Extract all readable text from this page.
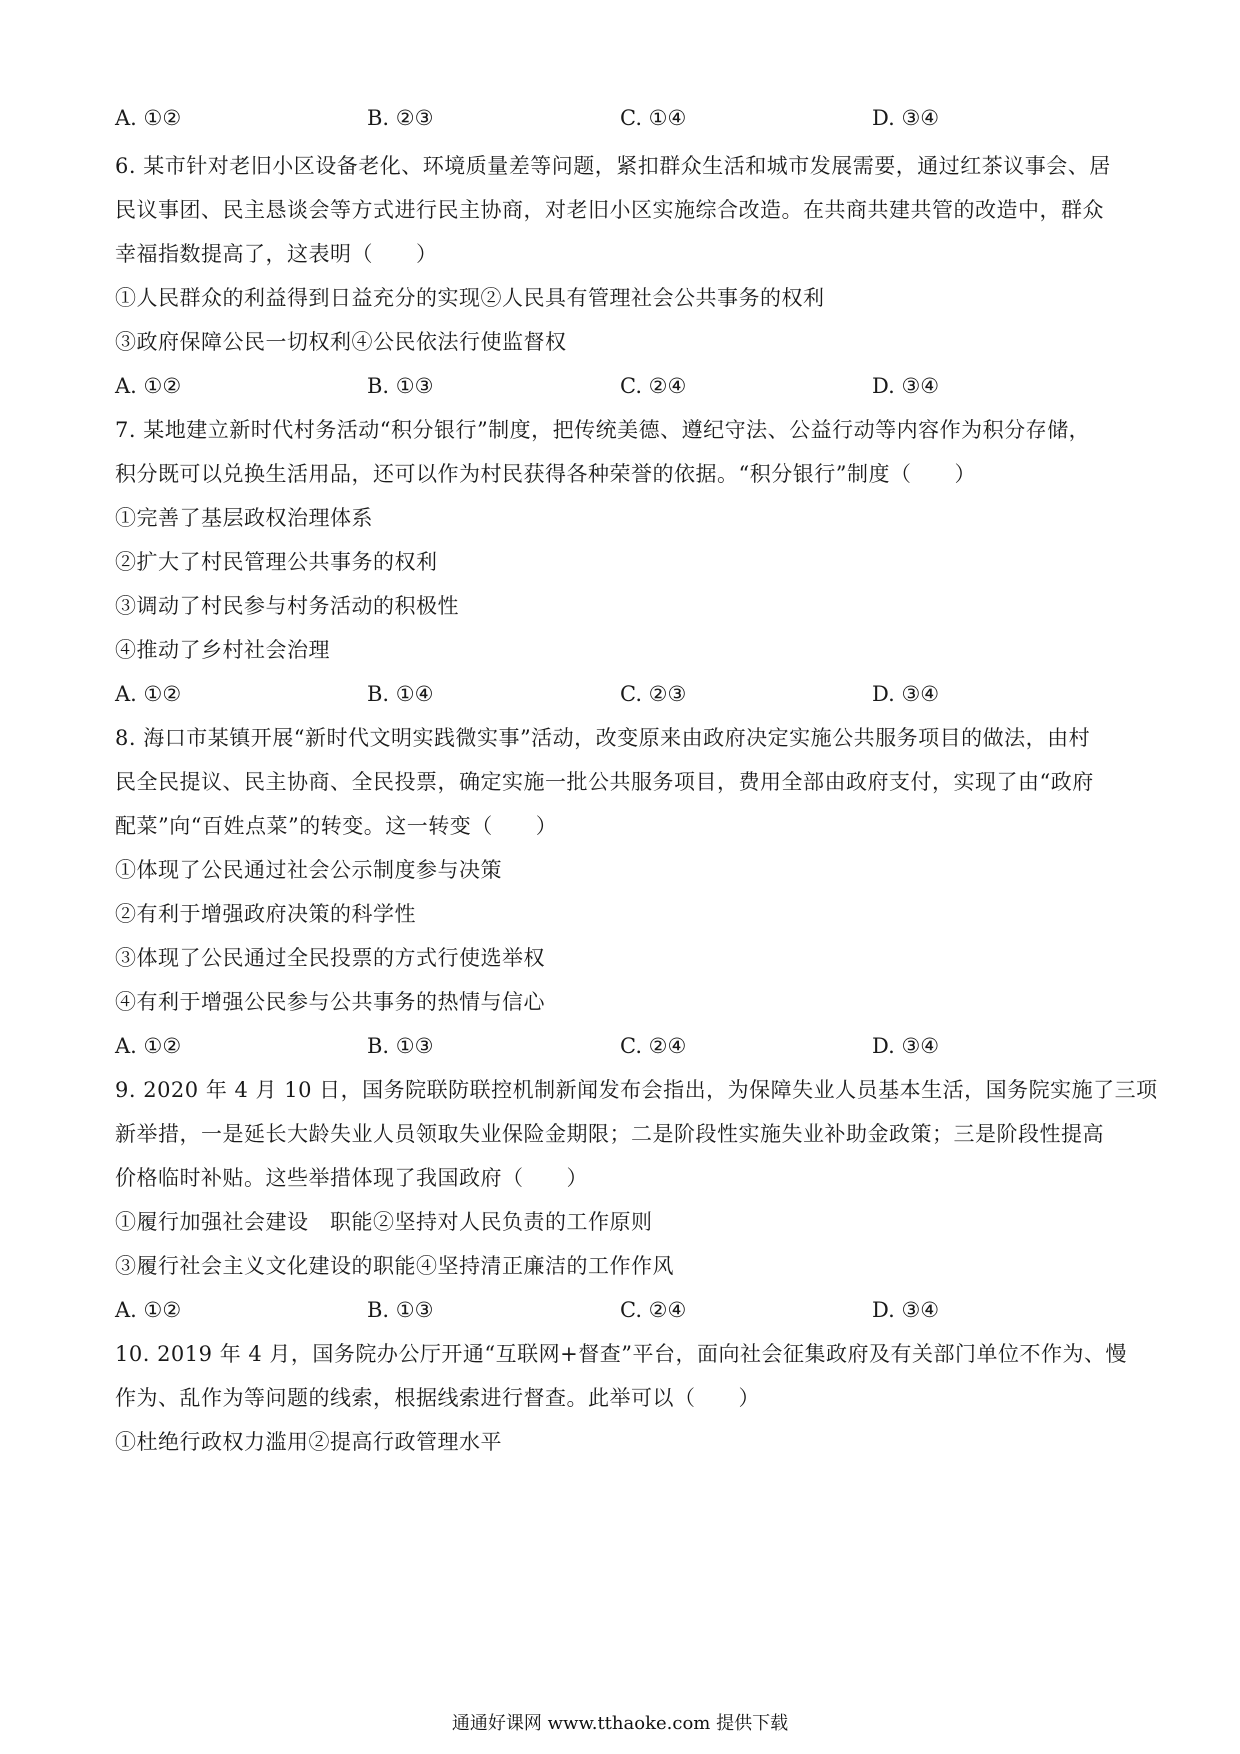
A. ①②	B. ②③	C. ①④	D. ③④
6. 某市针对老旧小区设备老化、环境质量差等问题，紧扣群众生活和城市发展需要，通过红茶议事会、居
民议事团、民主恳谈会等方式进行民主协商，对老旧小区实施综合改造。在共商共建共管的改造中，群众
幸福指数提高了，这表明（　　）
①人民群众的利益得到日益充分的实现②人民具有管理社会公共事务的权利
③政府保障公民一切权利④公民依法行使监督权
A. ①②	B. ①③	C. ②④	D. ③④
7. 某地建立新时代村务活动“积分银行”制度，把传统美德、遵纪守法、公益行动等内容作为积分存储，
积分既可以兑换生活用品，还可以作为村民获得各种荣誉的依据。“积分银行”制度（　　）
①完善了基层政权治理体系
②扩大了村民管理公共事务的权利
③调动了村民参与村务活动的积极性
④推动了乡村社会治理
A. ①②	B. ①④	C. ②③	D. ③④
8. 海口市某镇开展“新时代文明实践微实事”活动，改变原来由政府决定实施公共服务项目的做法，由村
民全民提议、民主协商、全民投票，确定实施一批公共服务项目，费用全部由政府支付，实现了由“政府
配菜”向“百姓点菜”的转变。这一转变（　　）
①体现了公民通过社会公示制度参与决策
②有利于增强政府决策的科学性
③体现了公民通过全民投票的方式行使选举权
④有利于增强公民参与公共事务的热情与信心
A. ①②	B. ①③	C. ②④	D. ③④
9. 2020 年 4 月 10 日，国务院联防联控机制新闻发布会指出，为保障失业人员基本生活，国务院实施了三项
新举措，一是延长大龄失业人员领取失业保险金期限；二是阶段性实施失业补助金政策；三是阶段性提高
价格临时补贴。这些举措体现了我国政府（　　）
①履行加强社会建设　职能②坚持对人民负责的工作原则
③履行社会主义文化建设的职能④坚持清正廉洁的工作作风
A. ①②	B. ①③	C. ②④	D. ③④
10. 2019 年 4 月，国务院办公厅开通“互联网+督查”平台，面向社会征集政府及有关部门单位不作为、慢
作为、乱作为等问题的线索，根据线索进行督查。此举可以（　　）
①杜绝行政权力滥用②提高行政管理水平
通通好课网 www.tthaoke.com 提供下载
